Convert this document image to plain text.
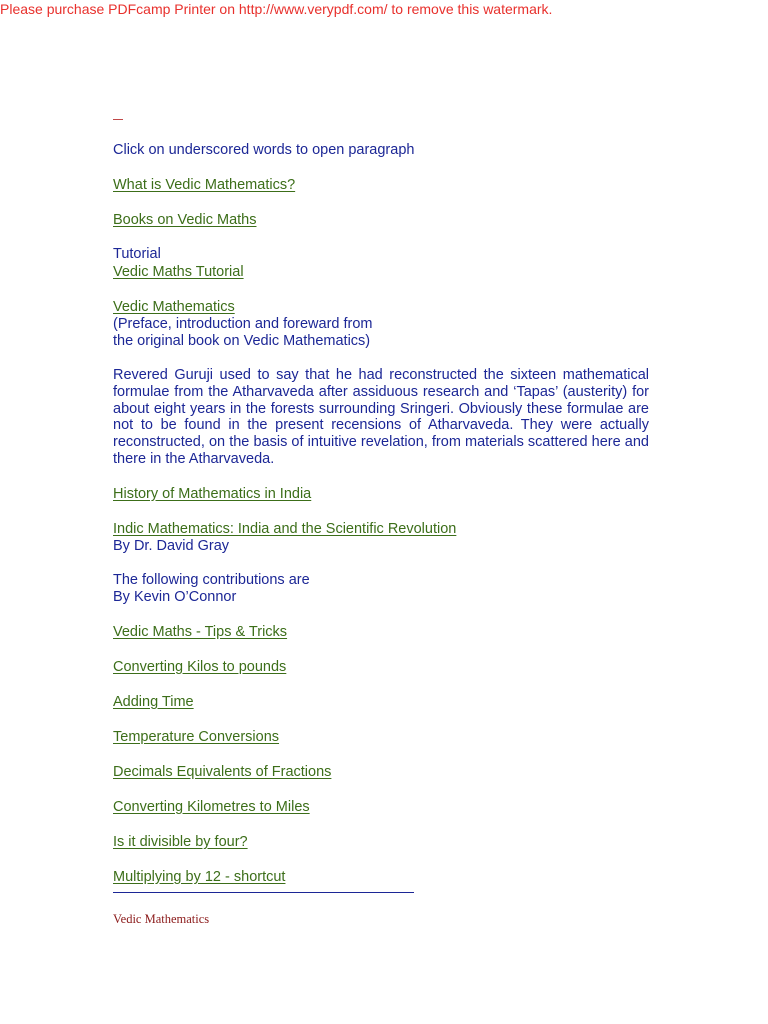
Please purchase PDFcamp Printer on http://www.verypdf.com/ to remove this watermark.
Click on underscored words to open paragraph
What is Vedic Mathematics?
Books on Vedic Maths
Tutorial
Vedic Maths Tutorial
Vedic Mathematics
(Preface, introduction and foreward from
the original book on Vedic Mathematics)
Revered Guruji used to say that he had reconstructed the sixteen mathematical formulae from the Atharvaveda after assiduous research and ‘Tapas’ (austerity) for about eight years in the forests surrounding Sringeri. Obviously these formulae are not to be found in the present recensions of Atharvaveda. They were actually reconstructed, on the basis of intuitive revelation, from materials scattered here and there in the Atharvaveda.
History of Mathematics in India
Indic Mathematics: India and the Scientific Revolution
By Dr. David Gray
The following contributions are
By Kevin O’Connor
Vedic Maths - Tips & Tricks
Converting Kilos to pounds
Adding Time
Temperature Conversions
Decimals Equivalents of Fractions
Converting Kilometres to Miles
Is it divisible by four?
Multiplying by 12 - shortcut
Vedic Mathematics
